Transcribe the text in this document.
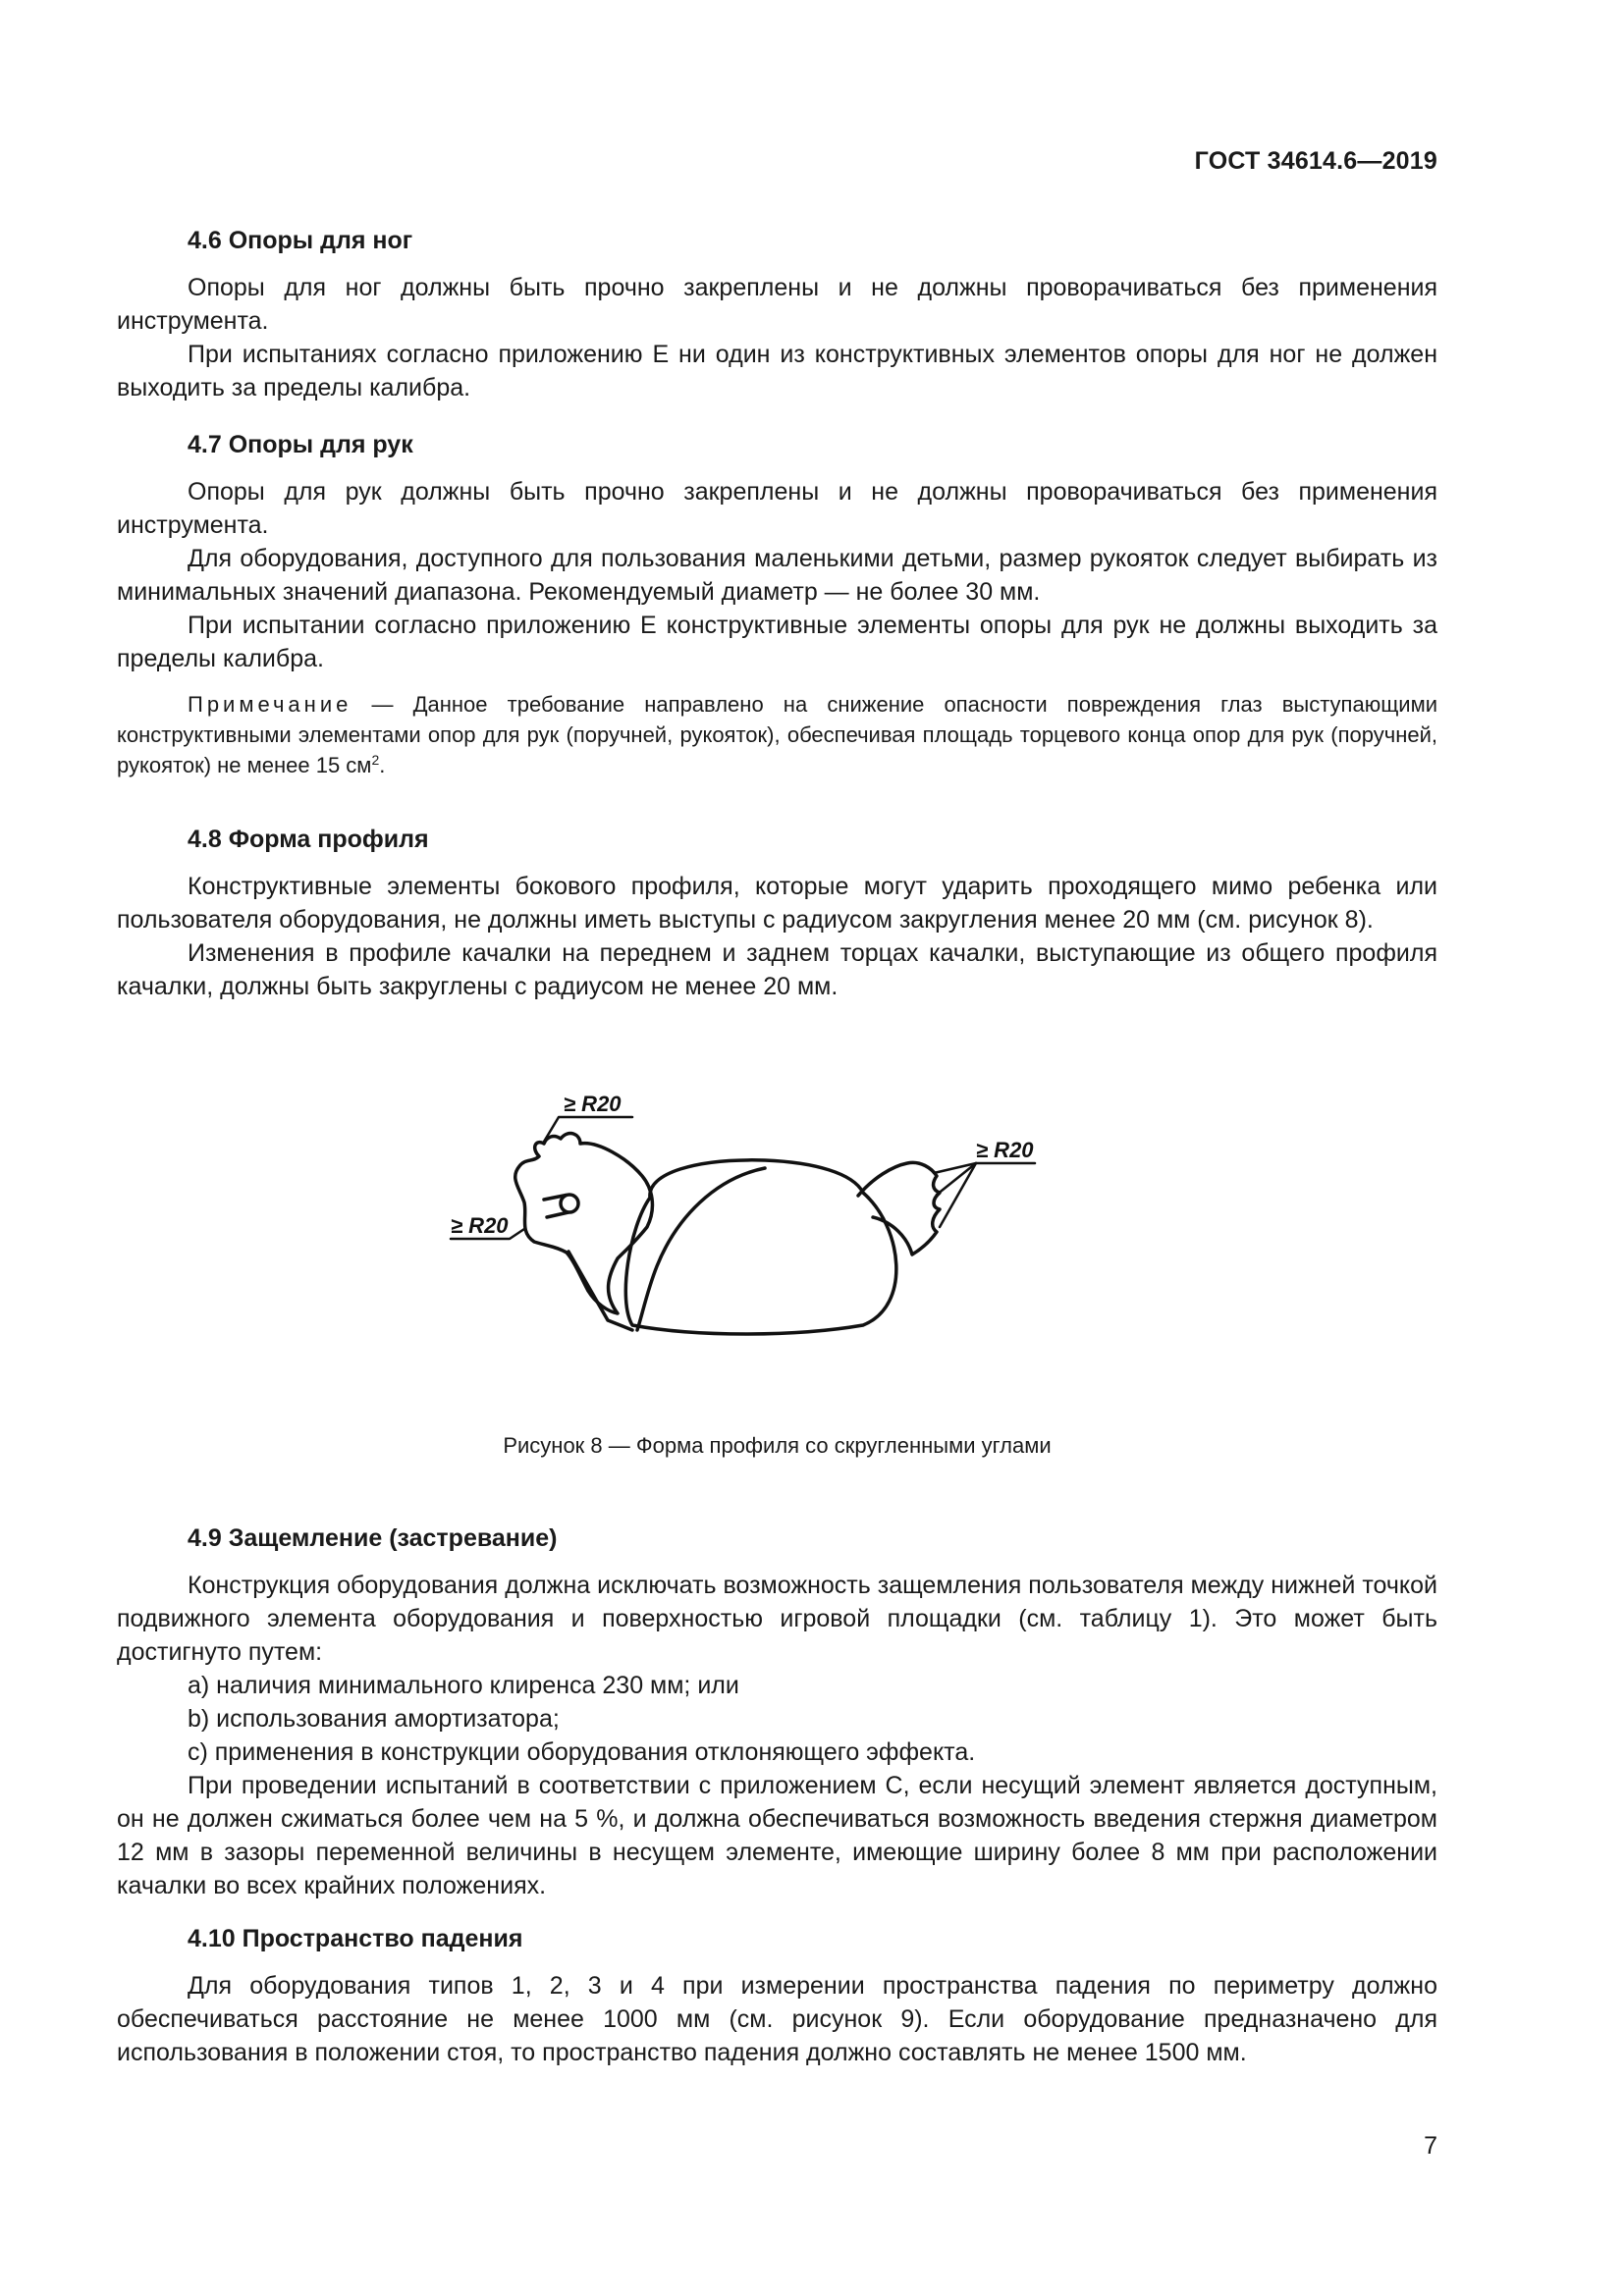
ГОСТ 34614.6—2019
4.6 Опоры для ног

Опоры для ног должны быть прочно закреплены и не должны проворачиваться без применения инструмента.

При испытаниях согласно приложению Е ни один из конструктивных элементов опоры для ног не должен выходить за пределы калибра.

4.7 Опоры для рук

Опоры для рук должны быть прочно закреплены и не должны проворачиваться без применения инструмента.

Для оборудования, доступного для пользования маленькими детьми, размер рукояток следует выбирать из минимальных значений диапазона. Рекомендуемый диаметр — не более 30 мм.

При испытании согласно приложению Е конструктивные элементы опоры для рук не должны выходить за пределы калибра.

Примечание — Данное требование направлено на снижение опасности повреждения глаз выступающими конструктивными элементами опор для рук (поручней, рукояток), обеспечивая площадь торцевого конца опор для рук (поручней, рукояток) не менее 15 $см^2$.
4.8 Форма профиля

Конструктивные элементы бокового профиля, которые могут ударить проходящего мимо ребенка или пользователя оборудования, не должны иметь выступы с радиусом закругления менее 20 мм (см. рисунок 8).

Изменения в профиле качалки на переднем и заднем торцах качалки, выступающие из общего профиля качалки, должны быть закруглены с радиусом не менее 20 мм.

≥ R20
≥ R20
≥ R20
Рисунок 8 — Форма профиля со скругленными углами
4.9 Защемление (застревание)

Конструкция оборудования должна исключать возможность защемления пользователя между нижней точкой подвижного элемента оборудования и поверхностью игровой площадки (см. таблицу 1). Это может быть достигнуто путем:

a) наличия минимального клиренса 230 мм; или

b) использования амортизатора;

c) применения в конструкции оборудования отклоняющего эффекта.

При проведении испытаний в соответствии с приложением С, если несущий элемент является доступным, он не должен сжиматься более чем на 5 %, и должна обеспечиваться возможность введения стержня диаметром 12 мм в зазоры переменной величины в несущем элементе, имеющие ширину более 8 мм при расположении качалки во всех крайних положениях.

4.10 Пространство падения

Для оборудования типов 1, 2, 3 и 4 при измерении пространства падения по периметру должно обеспечиваться расстояние не менее 1000 мм (см. рисунок 9). Если оборудование предназначено для использования в положении стоя, то пространство падения должно составлять не менее 1500 мм.

7
